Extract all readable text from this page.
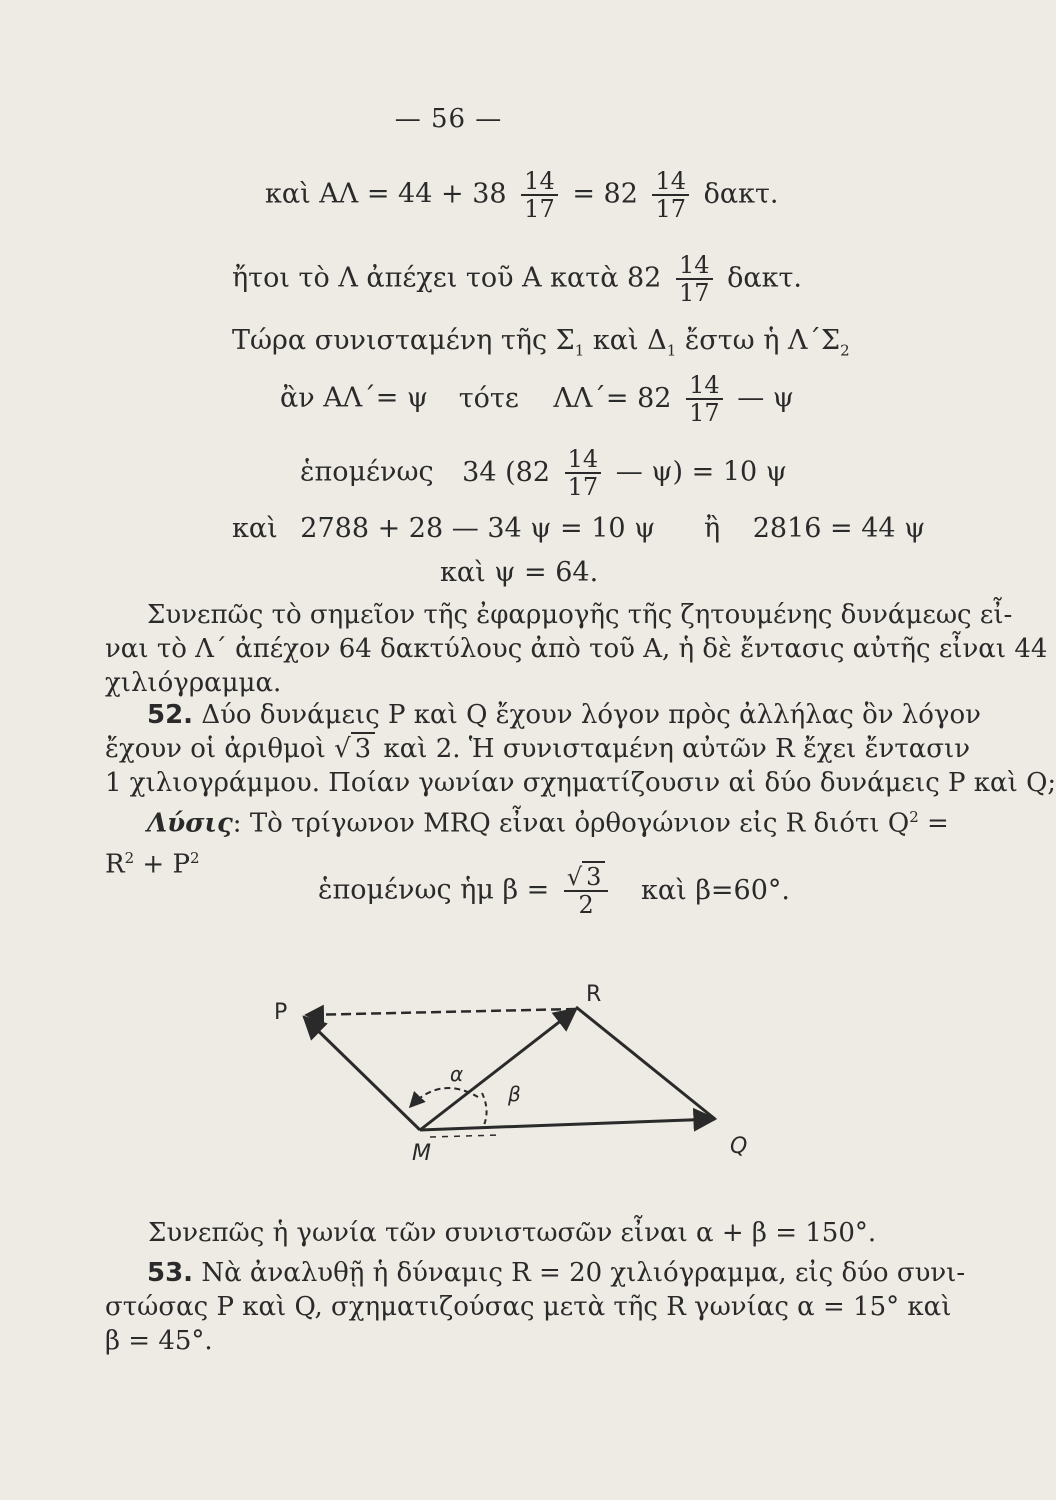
— 56 —
καὶ $A\Lambda = 44 + 38 \frac{14}{17} = 82 \frac{14}{17} \delta\alpha\kappa\tau$.
ἤτοι τὸ Λ ἀπέχει τοῦ Α κατὰ $82 \frac{14}{17} \delta\alpha\kappa\tau$.
Τώρα συνισταμένη τῆς $\Sigma_1$ καὶ $\Delta_1$ ἔστω ἡ $\Lambda΄\Sigma_2$
ἂν ΑΛ΄= ψ τότε $\Lambda\Lambda΄= 82 \frac{14}{17}$ — ψ
ἑπομένως 34 ($82 \frac{14}{17}$ — ψ) = 10 ψ
καὶ 2788 + 28 — 34 ψ = 10 ψ ἢ 2816 = 44 ψ
καὶ ψ = 64.
Συνεπῶς τὸ σημεῖον τῆς ἐφαρμογῆς τῆς ζητουμένης δυνάμεως εἶ-
ναι τὸ Λ΄ ἀπέχον 64 δακτύλους ἀπὸ τοῦ Α, ἡ δὲ ἔντασις αὐτῆς εἶναι 44
χιλιόγραμμα.
52. Δύο δυνάμεις Ρ καὶ Q ἔχουν λόγον πρὸς ἀλλήλας ὃν λόγον
ἔχουν οἱ ἀριθμοὶ √ 3 καὶ 2. Ἡ συνισταμένη αὐτῶν R ἔχει ἔντασιν
1 χιλιογράμμου. Ποίαν γωνίαν σχηματίζουσιν αἱ δύο δυνάμεις Ρ καὶ Q;
Λύσις: Τὸ τρίγωνον MRQ εἶναι ὀρθογώνιον εἰς R διότι $Q^2$ =
$R^2 + P^2$
ἑπομένως ἡμ $\beta = \frac{√ 3}{2}$ καὶ β=60°.
P
R
M	Q
α
β
Συνεπῶς ἡ γωνία τῶν συνιστωσῶν εἶναι α + β = 150°.
53. Νὰ ἀναλυθῇ ἡ δύναμις R = 20 χιλιόγραμμα, εἰς δύο συνι-
στώσας Ρ καὶ Q, σχηματιζούσας μετὰ τῆς R γωνίας α = 15° καὶ
β = 45°.
